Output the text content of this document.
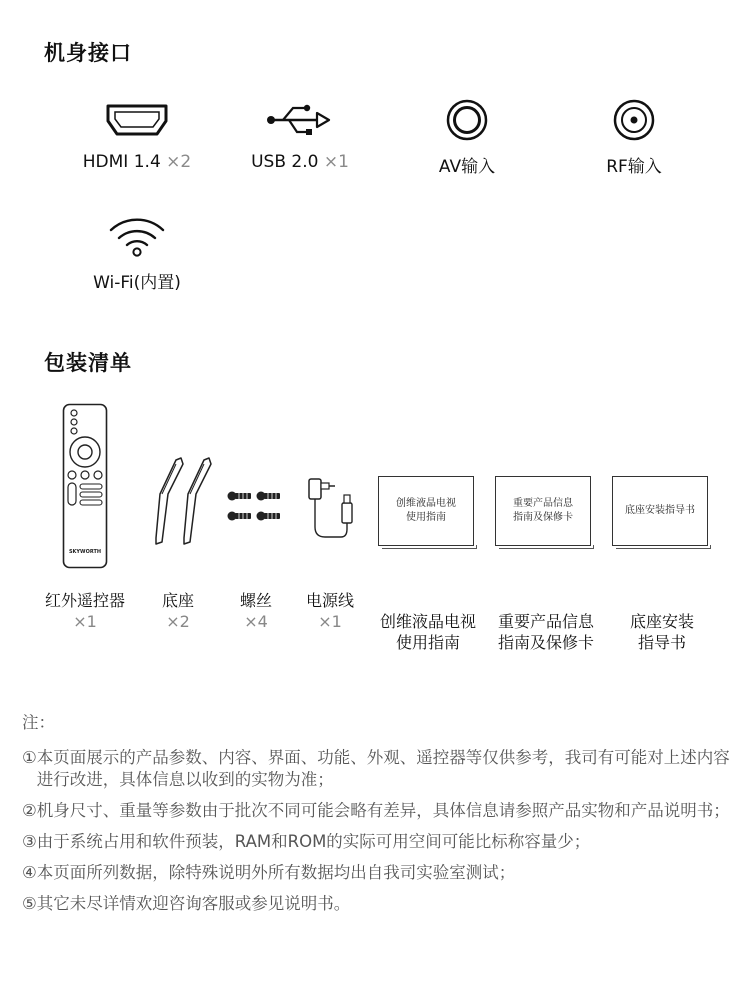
机身接口
HDMI 1.4 ×2	USB 2.0 ×1	AV输入	RF输入
Wi-Fi(内置)
包装清单
SKYWORTH
创维液晶电视
使用指南
重要产品信息
指南及保修卡
底座安装指导书
红外遥控器
×1
底座
×2
螺丝
×4
电源线
×1	创维液晶电视
使用指南

重要产品信息
指南及保修卡

底座安装
指导书

注：
① 本页面展示的产品参数、内容、界面、功能、外观、遥控器等仅供参考，我司有可能对上述内容进行改进，具体信息以收到的实物为准；
② 机身尺寸、重量等参数由于批次不同可能会略有差异，具体信息请参照产品实物和产品说明书；
③ 由于系统占用和软件预装，RAM和ROM的实际可用空间可能比标称容量少；
④ 本页面所列数据，除特殊说明外所有数据均出自我司实验室测试；
⑤ 其它未尽详情欢迎咨询客服或参见说明书。
